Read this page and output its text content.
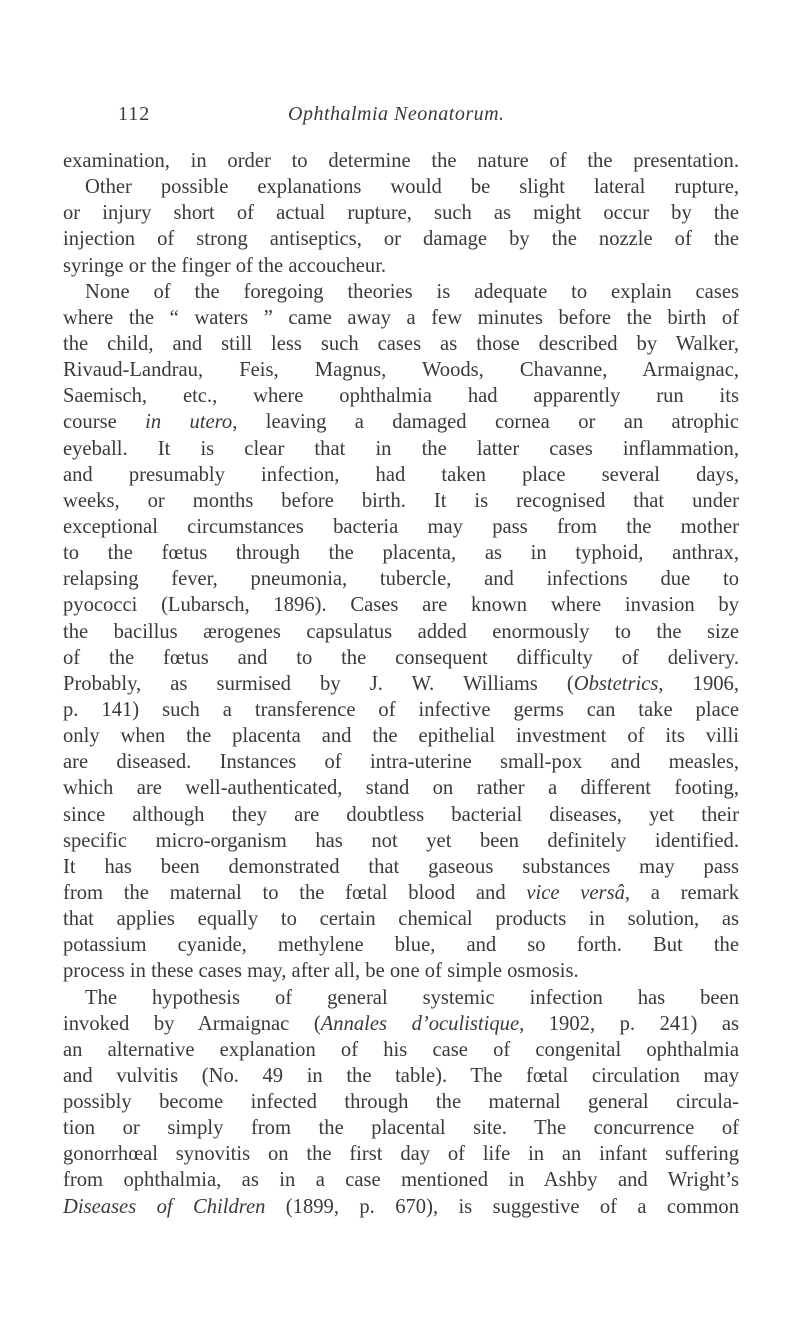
112	Ophthalmia Neonatorum.
examination, in order to determine the nature of the presentation.
Other possible explanations would be slight lateral rupture,
or injury short of actual rupture, such as might occur by the
injection of strong antiseptics, or damage by the nozzle of the
syringe or the finger of the accoucheur.
None of the foregoing theories is adequate to explain cases
where the “ waters ” came away a few minutes before the birth of
the child, and still less such cases as those described by Walker,
Rivaud-Landrau, Feis, Magnus, Woods, Chavanne, Armaignac,
Saemisch, etc., where ophthalmia had apparently run its
course in utero, leaving a damaged cornea or an atrophic
eyeball. It is clear that in the latter cases inflammation,
and presumably infection, had taken place several days,
weeks, or months before birth. It is recognised that under
exceptional circumstances bacteria may pass from the mother
to the fœtus through the placenta, as in typhoid, anthrax,
relapsing fever, pneumonia, tubercle, and infections due to
pyococci (Lubarsch, 1896). Cases are known where invasion by
the bacillus ærogenes capsulatus added enormously to the size
of the fœtus and to the consequent difficulty of delivery.
Probably, as surmised by J. W. Williams (Obstetrics, 1906,
p. 141) such a transference of infective germs can take place
only when the placenta and the epithelial investment of its villi
are diseased. Instances of intra-uterine small-pox and measles,
which are well-authenticated, stand on rather a different footing,
since although they are doubtless bacterial diseases, yet their
specific micro-organism has not yet been definitely identified.
It has been demonstrated that gaseous substances may pass
from the maternal to the fœtal blood and vice versâ, a remark
that applies equally to certain chemical products in solution, as
potassium cyanide, methylene blue, and so forth. But the
process in these cases may, after all, be one of simple osmosis.
The hypothesis of general systemic infection has been
invoked by Armaignac (Annales d’oculistique, 1902, p. 241) as
an alternative explanation of his case of congenital ophthalmia
and vulvitis (No. 49 in the table). The fœtal circulation may
possibly become infected through the maternal general circula-
tion or simply from the placental site. The concurrence of
gonorrhœal synovitis on the first day of life in an infant suffering
from ophthalmia, as in a case mentioned in Ashby and Wright’s
Diseases of Children (1899, p. 670), is suggestive of a common
